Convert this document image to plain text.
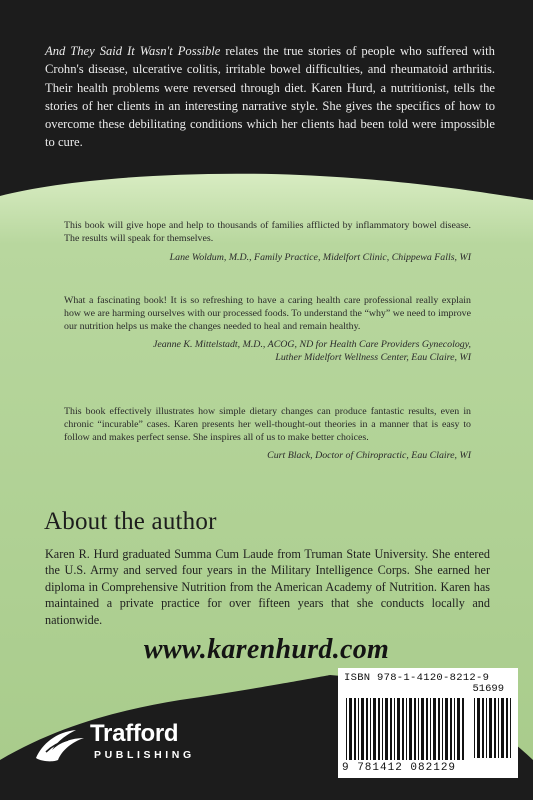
And They Said It Wasn't Possible relates the true stories of people who suffered with Crohn's disease, ulcerative colitis, irritable bowel difficulties, and rheumatoid arthritis. Their health problems were reversed through diet. Karen Hurd, a nutritionist, tells the stories of her clients in an interesting narrative style. She gives the specifics of how to overcome these debilitating conditions which her clients had been told were impossible to cure.
This book will give hope and help to thousands of families afflicted by inflammatory bowel disease. The results will speak for themselves.
Lane Woldum, M.D., Family Practice, Midelfort Clinic, Chippewa Falls, WI
What a fascinating book! It is so refreshing to have a caring health care professional really explain how we are harming ourselves with our processed foods. To understand the “why” we need to improve our nutrition helps us make the changes needed to heal and remain healthy.
Jeanne K. Mittelstadt, M.D., ACOG, ND for Health Care Providers Gynecology,
Luther Midelfort Wellness Center, Eau Claire, WI
This book effectively illustrates how simple dietary changes can produce fantastic results, even in chronic “incurable” cases. Karen presents her well-thought-out theories in a manner that is easy to follow and makes perfect sense. She inspires all of us to make better choices.
Curt Black, Doctor of Chiropractic, Eau Claire, WI
About the author
Karen R. Hurd graduated Summa Cum Laude from Truman State University. She entered the U.S. Army and served four years in the Military Intelligence Corps. She earned her diploma in Comprehensive Nutrition from the American Academy of Nutrition. Karen has maintained a private practice for over fifteen years that she conducts locally and nationwide.
www.karenhurd.com
Trafford
PUBLISHING
ISBN 978-1-4120-8212-9
51699
9 781412 082129
